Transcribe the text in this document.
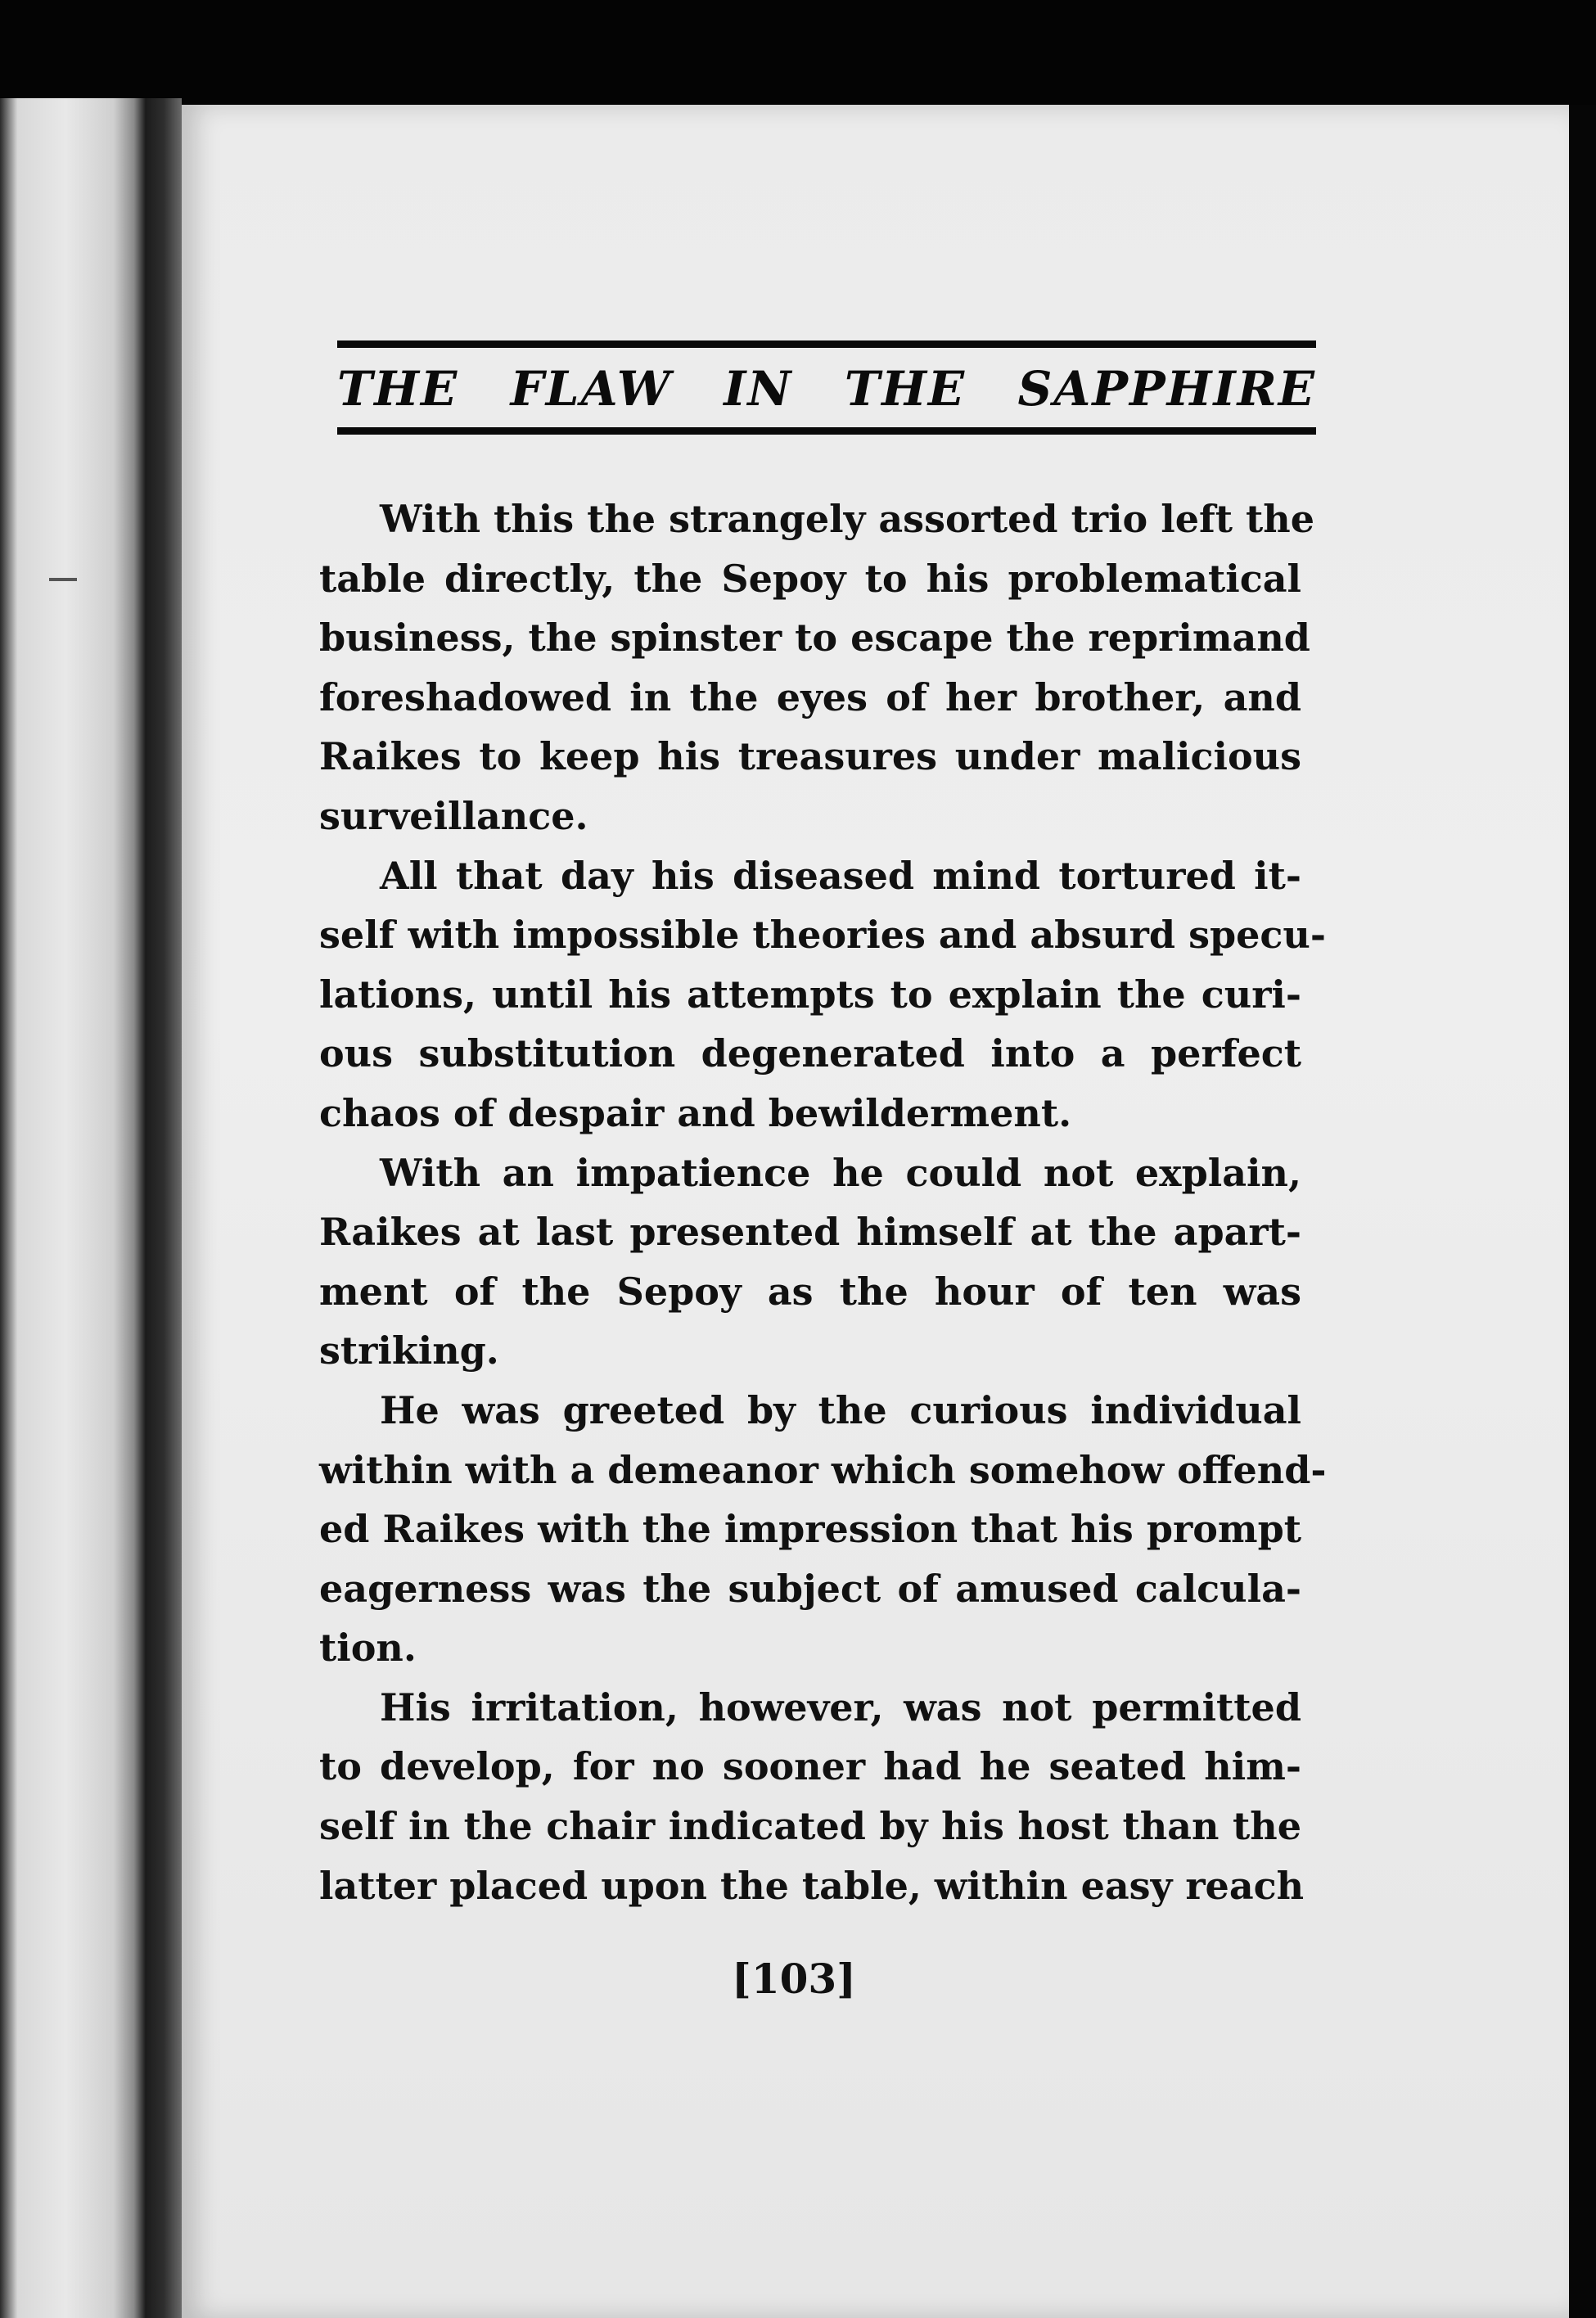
THE FLAW IN THE SAPPHIRE

With this the strangely assorted trio left the
table directly, the Sepoy to his problematical
business, the spinster to escape the reprimand
foreshadowed in the eyes of her brother, and
Raikes to keep his treasures under malicious
surveillance.

All that day his diseased mind tortured it-
self with impossible theories and absurd specu-
lations, until his attempts to explain the curi-
ous substitution degenerated into a perfect
chaos of despair and bewilderment.

With an impatience he could not explain,
Raikes at last presented himself at the apart-
ment of the Sepoy as the hour of ten was
striking.

He was greeted by the curious individual
within with a demeanor which somehow offend-
ed Raikes with the impression that his prompt
eagerness was the subject of amused calcula-
tion.

His irritation, however, was not permitted
to develop, for no sooner had he seated him-
self in the chair indicated by his host than the
latter placed upon the table, within easy reach

[103]
